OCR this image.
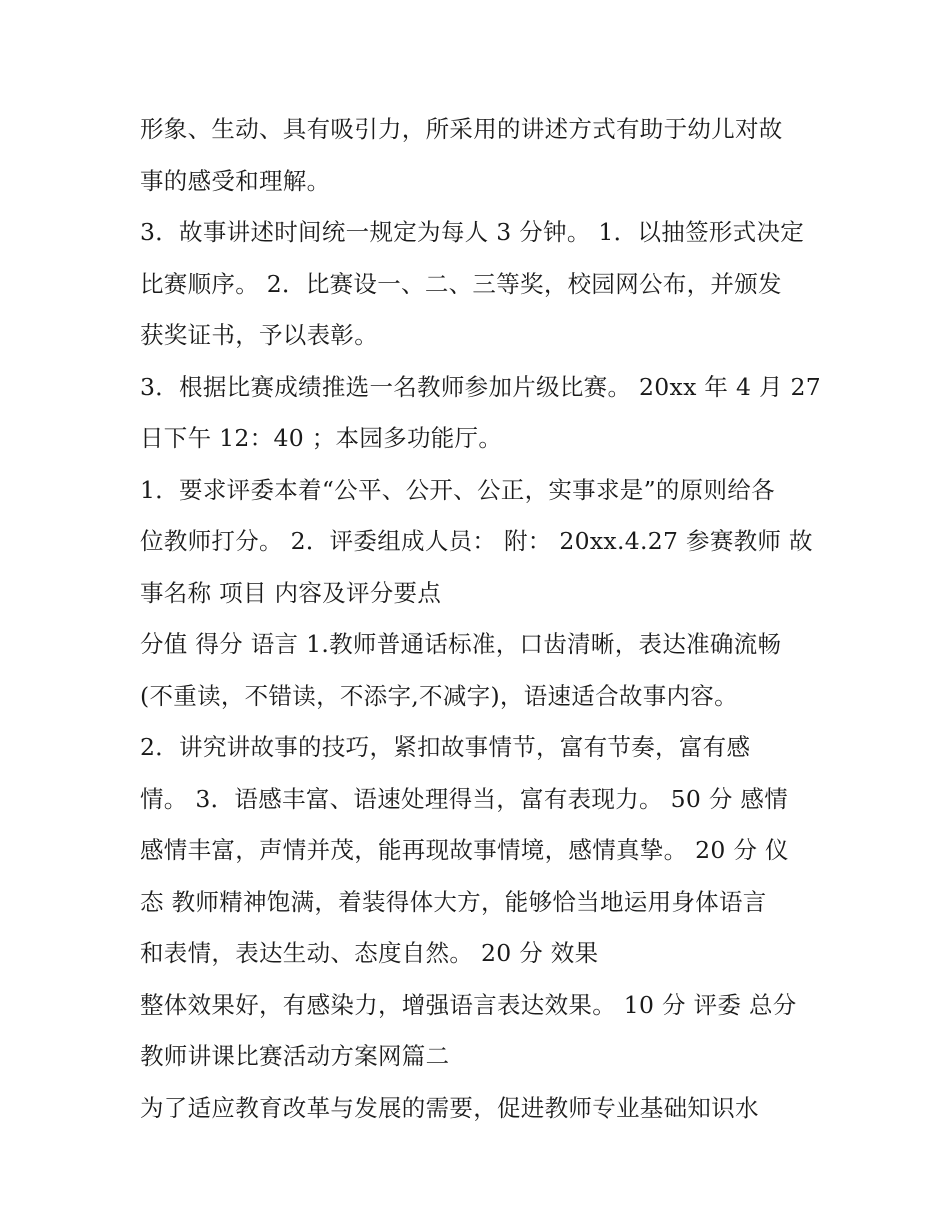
形象、生动、具有吸引力，所采用的讲述方式有助于幼儿对故
事的感受和理解。
3．故事讲述时间统一规定为每人 3 分钟。 1．以抽签形式决定
比赛顺序。 2．比赛设一、二、三等奖，校园网公布，并颁发
获奖证书，予以表彰。
3．根据比赛成绩推选一名教师参加片级比赛。 20xx 年 4 月 27
日下午 12：40 ；本园多功能厅。
1．要求评委本着“公平、公开、公正，实事求是”的原则给各
位教师打分。 2．评委组成人员： 附： 20xx.4.27 参赛教师 故
事名称 项目 内容及评分要点
分值 得分 语言 1.教师普通话标准，口齿清晰，表达准确流畅
(不重读，不错读，不添字,不减字)，语速适合故事内容。
2．讲究讲故事的技巧，紧扣故事情节，富有节奏，富有感
情。 3．语感丰富、语速处理得当，富有表现力。 50 分 感情
感情丰富，声情并茂，能再现故事情境，感情真挚。 20 分 仪
态 教师精神饱满，着装得体大方，能够恰当地运用身体语言
和表情，表达生动、态度自然。 20 分 效果
整体效果好，有感染力，增强语言表达效果。 10 分 评委 总分
教师讲课比赛活动方案网篇二
为了适应教育改革与发展的需要，促进教师专业基础知识水
